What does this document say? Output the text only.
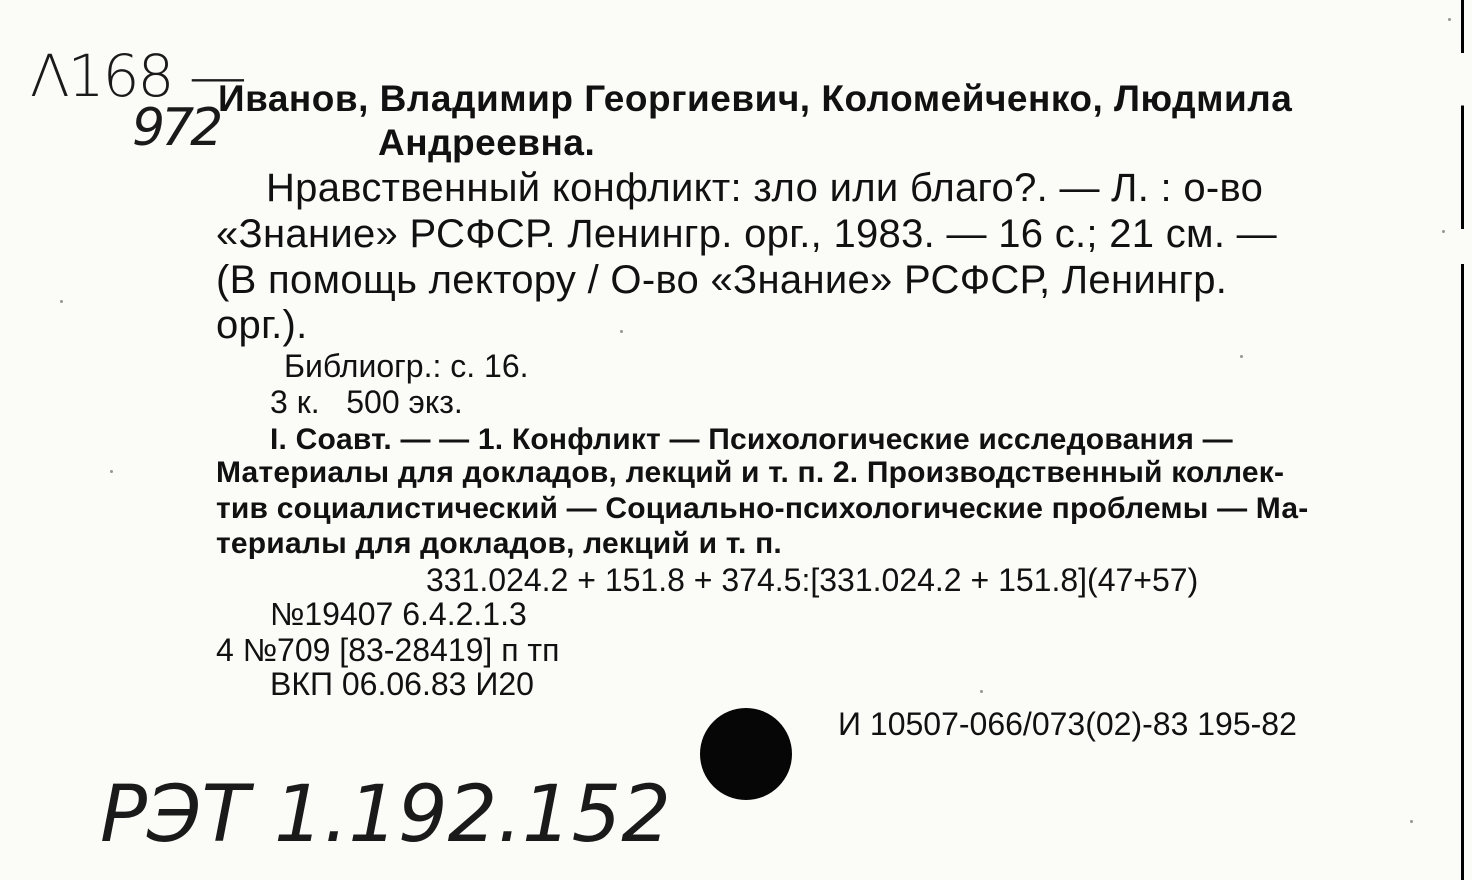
Λ168 —
972
Иванов, Владимир Георгиевич, Коломейченко, Людмила
Андреевна.
Нравственный конфликт: зло или благо?. — Л. : о-во
«Знание» РСФСР. Ленингр. орг., 1983. — 16 с.; 21 см. —
(В помощь лектору / О-во «Знание» РСФСР, Ленингр.
орг.).
Библиогр.: с. 16.
3 к.   500 экз.
I. Соавт. — — 1. Конфликт — Психологические исследования —
Материалы для докладов, лекций и т. п. 2. Производственный коллек-
тив социалистический — Социально-психологические проблемы — Ма-
териалы для докладов, лекций и т. п.
331.024.2 + 151.8 + 374.5:[331.024.2 + 151.8](47+57)
№19407 6.4.2.1.3
4 №709 [83-28419] п тп
ВКП 06.06.83 И20
И 10507-066/073(02)-83 195-82
РЭТ 1.192.152
